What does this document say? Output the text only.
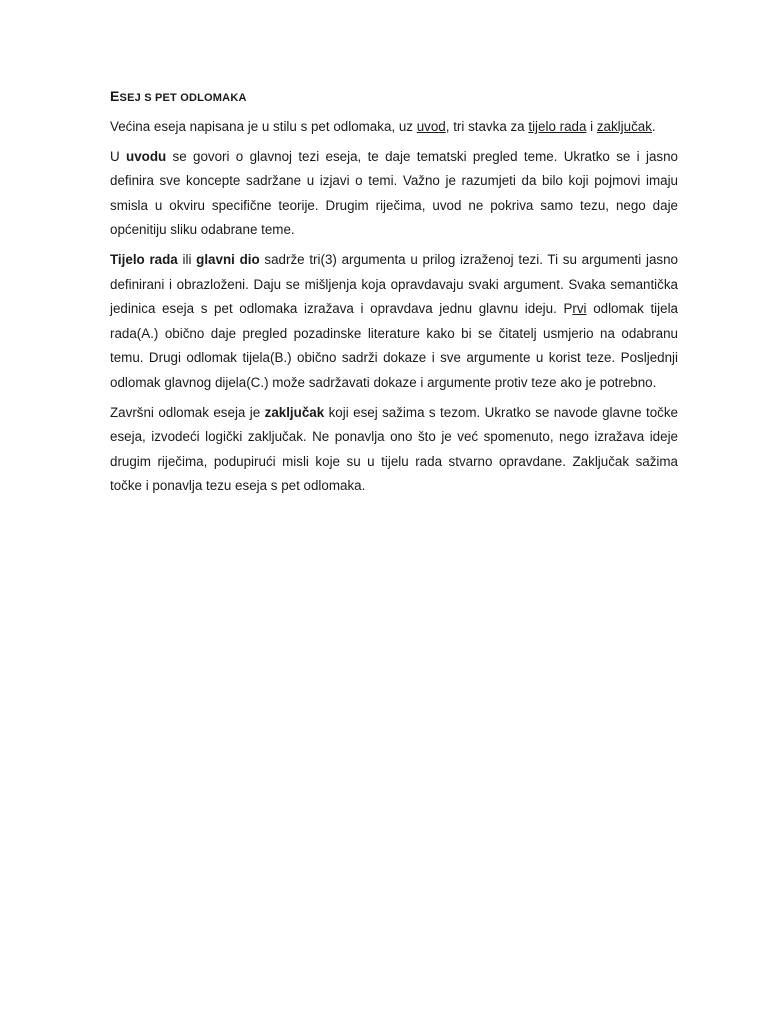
ESEJ S PET ODLOMAKA

Većina eseja napisana je u stilu s pet odlomaka, uz uvod, tri stavka za tijelo rada i zaključak.

U uvodu se govori o glavnoj tezi eseja, te daje tematski pregled teme. Ukratko se i jasno definira sve koncepte sadržane u izjavi o temi. Važno je razumjeti da bilo koji pojmovi imaju smisla u okviru specifične teorije. Drugim riječima, uvod ne pokriva samo tezu, nego daje općenitiju sliku odabrane teme.

Tijelo rada ili glavni dio sadrže tri(3) argumenta u prilog izraženoj tezi. Ti su argumenti jasno definirani i obrazloženi. Daju se mišljenja koja opravdavaju svaki argument. Svaka semantička jedinica eseja s pet odlomaka izražava i opravdava jednu glavnu ideju. Prvi odlomak tijela rada(A.) obično daje pregled pozadinske literature kako bi se čitatelj usmjerio na odabranu temu. Drugi odlomak tijela(B.) obično sadrži dokaze i sve argumente u korist teze. Posljednji odlomak glavnog dijela(C.) može sadržavati dokaze i argumente protiv teze ako je potrebno.

Završni odlomak eseja je zaključak koji esej sažima s tezom. Ukratko se navode glavne točke eseja, izvodeći logički zaključak. Ne ponavlja ono što je već spomenuto, nego izražava ideje drugim riječima, podupirući misli koje su u tijelu rada stvarno opravdane. Zaključak sažima točke i ponavlja tezu eseja s pet odlomaka.
